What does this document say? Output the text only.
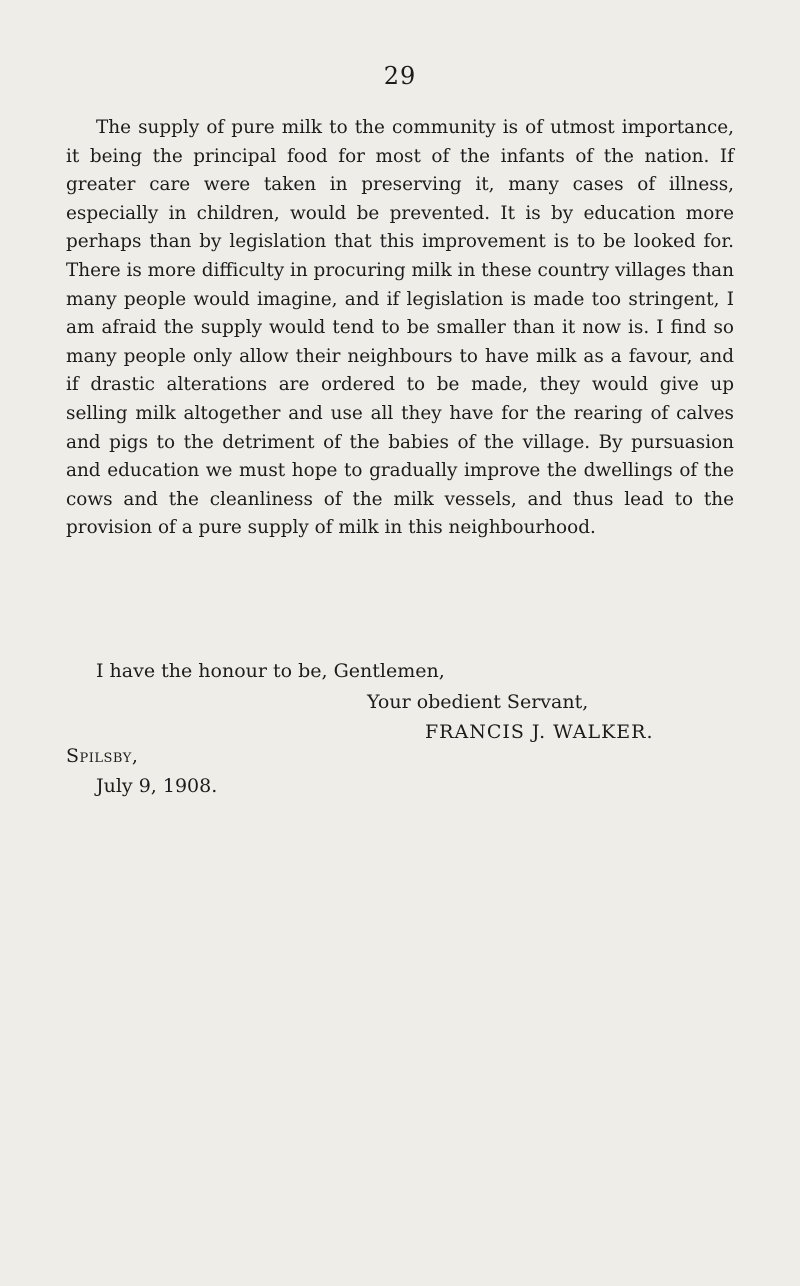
29

The supply of pure milk to the community is of utmost importance, it being the principal food for most of the infants of the nation. If greater care were taken in preserving it, many cases of illness, especially in children, would be prevented. It is by education more perhaps than by legislation that this improvement is to be looked for. There is more difficulty in procuring milk in these country villages than many people would imagine, and if legislation is made too stringent, I am afraid the supply would tend to be smaller than it now is. I find so many people only allow their neighbours to have milk as a favour, and if drastic alterations are ordered to be made, they would give up selling milk altogether and use all they have for the rearing of calves and pigs to the detriment of the babies of the village. By pursuasion and education we must hope to gradually improve the dwellings of the cows and the cleanliness of the milk vessels, and thus lead to the provision of a pure supply of milk in this neighbourhood.

I have the honour to be, Gentlemen,

Your obedient Servant,

FRANCIS J. WALKER.

Spilsby,

July 9, 1908.
